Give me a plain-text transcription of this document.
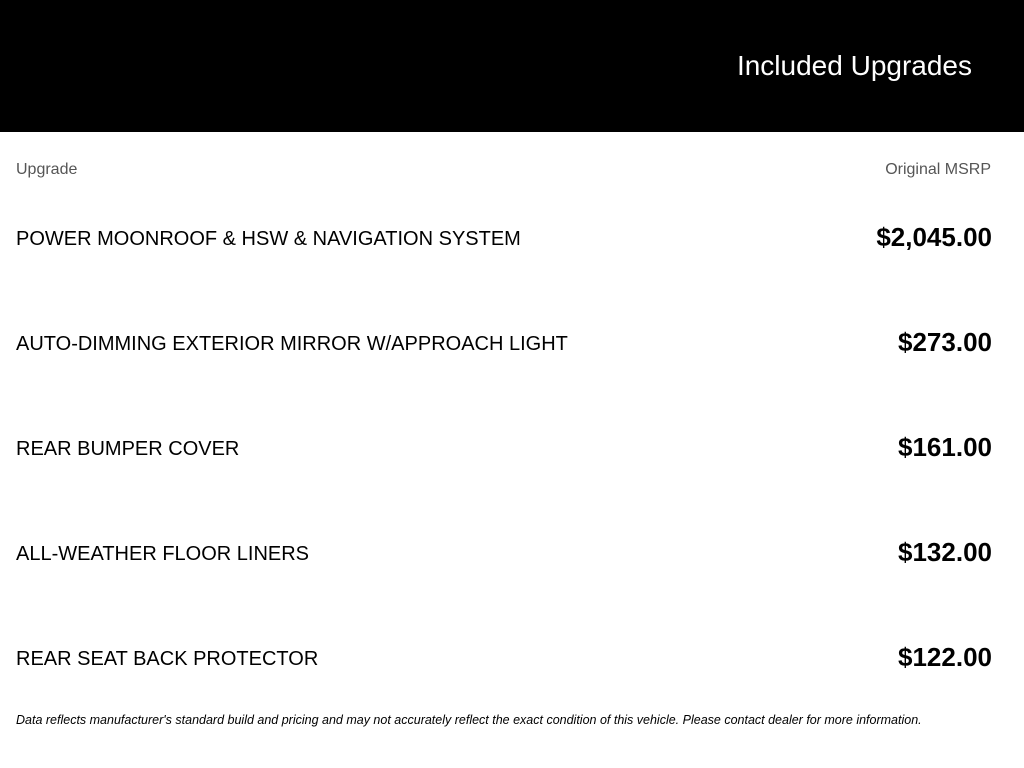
Included Upgrades
Upgrade	Original MSRP
POWER MOONROOF & HSW & NAVIGATION SYSTEM	$2,045.00
AUTO-DIMMING EXTERIOR MIRROR W/APPROACH LIGHT	$273.00
REAR BUMPER COVER	$161.00
ALL-WEATHER FLOOR LINERS	$132.00
REAR SEAT BACK PROTECTOR	$122.00
Data reflects manufacturer's standard build and pricing and may not accurately reflect the exact condition of this vehicle. Please contact dealer for more information.
